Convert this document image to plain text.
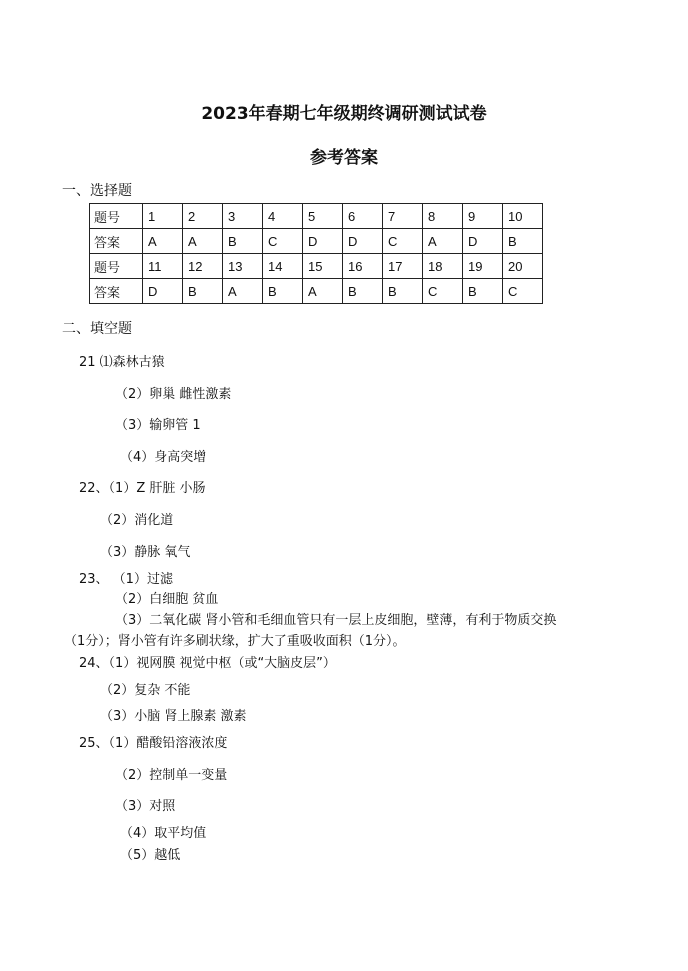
2023年春期七年级期终调研测试试卷
参考答案
一、选择题
题号	1	2	3	4	5	6	7	8	9	10
答案	A	A	B	C	D	D	C	A	D	B
题号	11	12	13	14	15	16	17	18	19	20
答案	D	B	A	B	A	B	B	C	B	C
二、填空题
21 ⑴森林古猿
（2）卵巢 雌性激素
（3）输卵管 1
（4）身高突增
22、（1）Z 肝脏 小肠
（2）消化道
（3）静脉 氧气
23、 （1）过滤
（2）白细胞 贫血
（3）二氧化碳 肾小管和毛细血管只有一层上皮细胞，壁薄，有利于物质交换
（1分）；肾小管有许多刷状缘，扩大了重吸收面积（1分）。
24、（1）视网膜 视觉中枢（或“大脑皮层”）
（2）复杂 不能
（3）小脑 肾上腺素 激素
25、（1）醋酸铅溶液浓度
（2）控制单一变量
（3）对照
（4）取平均值
（5）越低
